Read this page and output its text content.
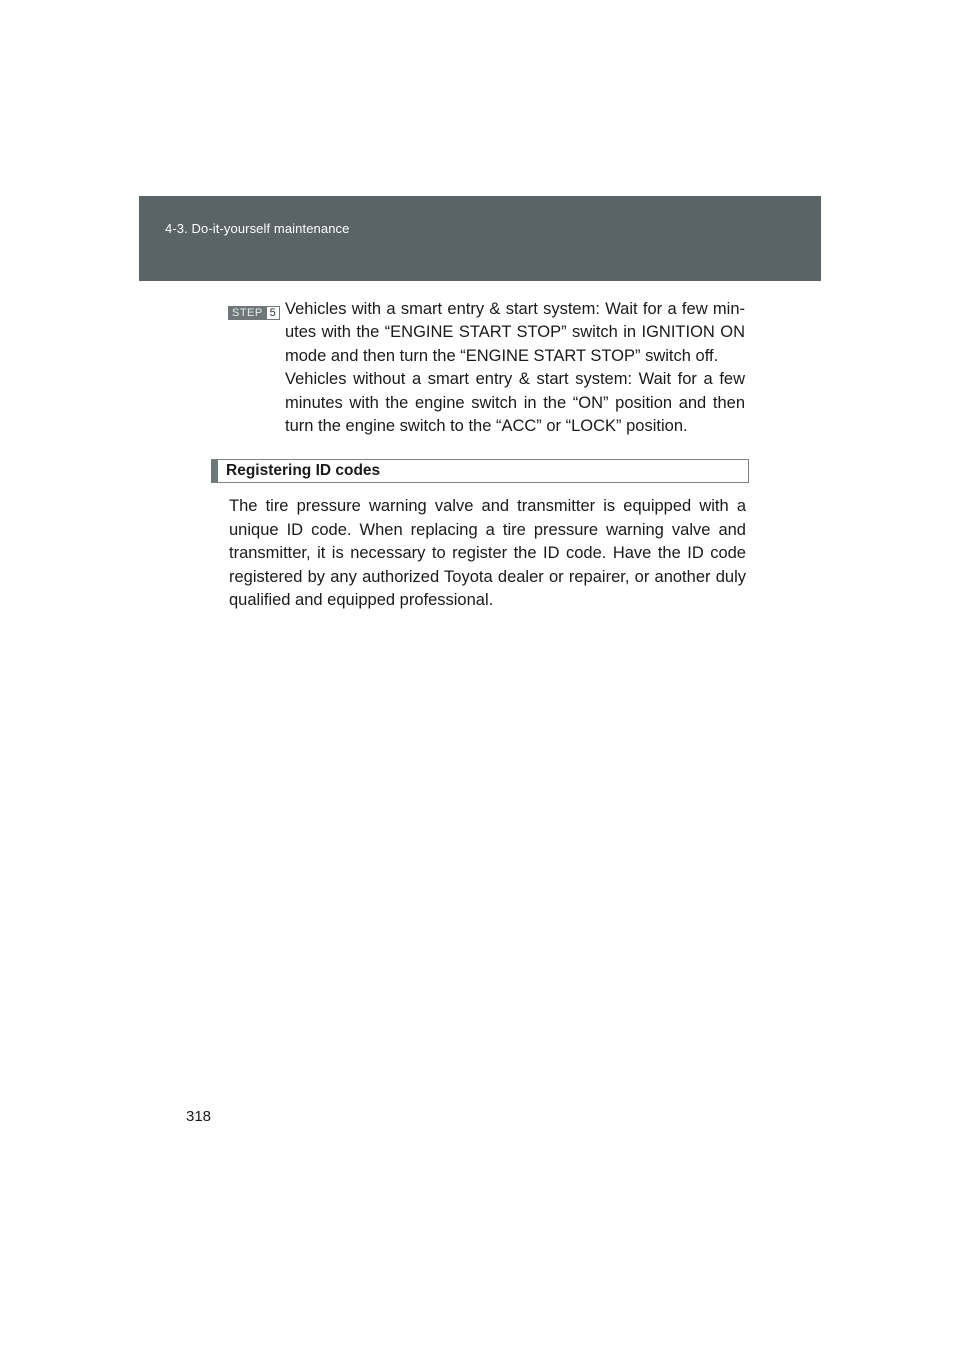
4-3. Do-it-yourself maintenance
STEP 5 Vehicles with a smart entry & start system: Wait for a few min-utes with the “ENGINE START STOP” switch in IGNITION ON mode and then turn the “ENGINE START STOP” switch off.

Vehicles without a smart entry & start system: Wait for a few minutes with the engine switch in the “ON” position and then turn the engine switch to the “ACC” or “LOCK” position.

Registering ID codes

The tire pressure warning valve and transmitter is equipped with a unique ID code. When replacing a tire pressure warning valve and transmitter, it is necessary to register the ID code. Have the ID code registered by any authorized Toyota dealer or repairer, or another duly qualified and equipped professional.

318
